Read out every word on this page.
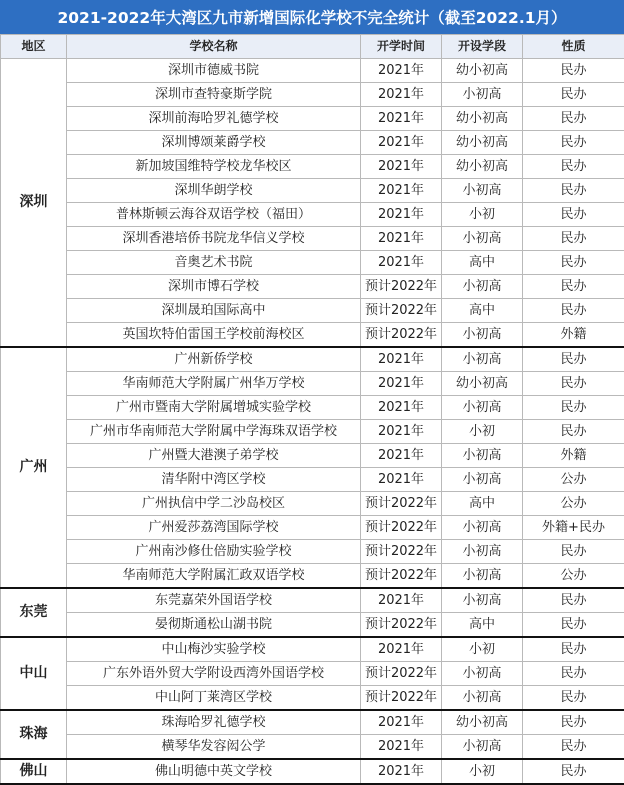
2021-2022年大湾区九市新增国际化学校不完全统计（截至2022.1月）
地区	学校名称	开学时间	开设学段	性质
深圳	深圳市德威书院	2021年	幼小初高	民办
	深圳市查特豪斯学院	2021年	小初高	民办
	深圳前海哈罗礼德学校	2021年	幼小初高	民办
	深圳博颂莱爵学校	2021年	幼小初高	民办
	新加坡国维特学校龙华校区	2021年	幼小初高	民办
	深圳华朗学校	2021年	小初高	民办
	普林斯顿云海谷双语学校（福田）	2021年	小初	民办
	深圳香港培侨书院龙华信义学校	2021年	小初高	民办
	音奥艺术书院	2021年	高中	民办
	深圳市博石学校	预计2022年	小初高	民办
	深圳晟珀国际高中	预计2022年	高中	民办
	英国坎特伯雷国王学校前海校区	预计2022年	小初高	外籍
广州	广州新侨学校	2021年	小初高	民办
	华南师范大学附属广州华万学校	2021年	幼小初高	民办
	广州市暨南大学附属增城实验学校	2021年	小初高	民办
	广州市华南师范大学附属中学海珠双语学校	2021年	小初	民办
	广州暨大港澳子弟学校	2021年	小初高	外籍
	清华附中湾区学校	2021年	小初高	公办
	广州执信中学二沙岛校区	预计2022年	高中	公办
	广州爱莎荔湾国际学校	预计2022年	小初高	外籍+民办
	广州南沙修仕倍励实验学校	预计2022年	小初高	民办
	华南师范大学附属汇政双语学校	预计2022年	小初高	公办
东莞	东莞嘉荣外国语学校	2021年	小初高	民办
	晏彻斯通松山湖书院	预计2022年	高中	民办
中山	中山梅沙实验学校	2021年	小初	民办
	广东外语外贸大学附设西湾外国语学校	预计2022年	小初高	民办
	中山阿丁莱湾区学校	预计2022年	小初高	民办
珠海	珠海哈罗礼德学校	2021年	幼小初高	民办
	横琴华发容闳公学	2021年	小初高	民办
佛山	佛山明德中英文学校	2021年	小初	民办
